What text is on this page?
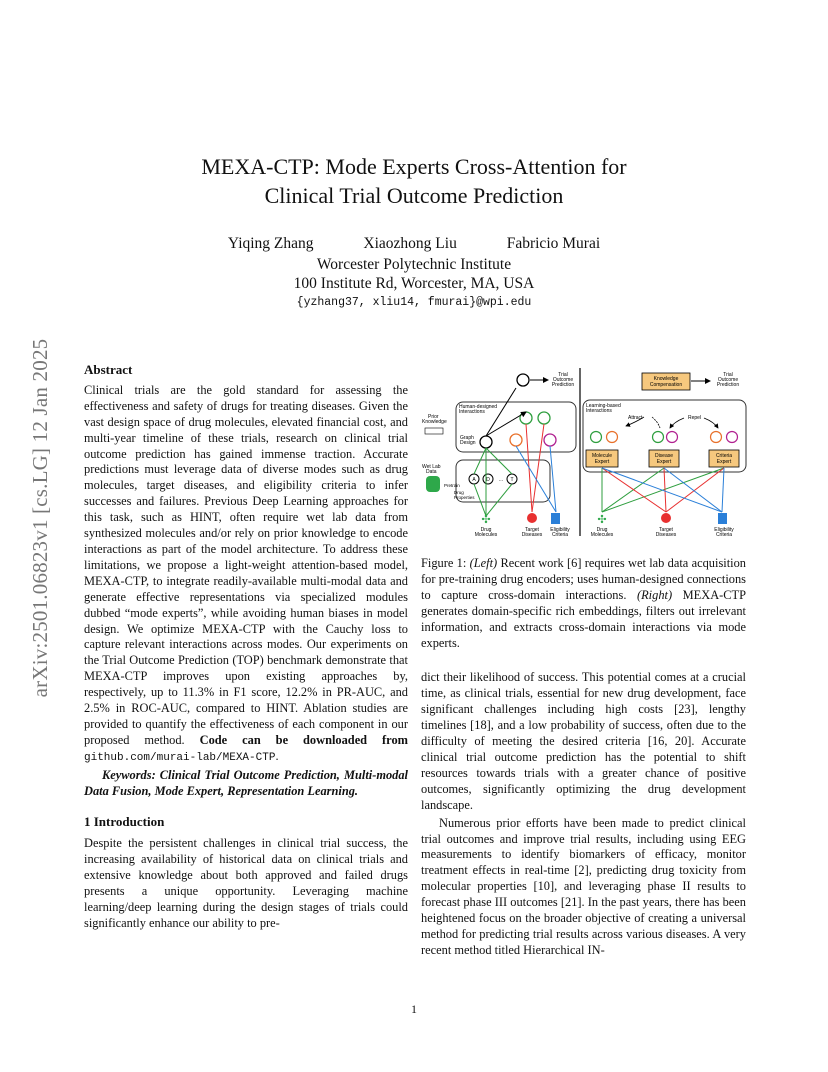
arXiv:2501.06823v1 [cs.LG] 12 Jan 2025
MEXA-CTP: Mode Experts Cross-Attention for
Clinical Trial Outcome Prediction
Yiqing Zhang	Xiaozhong Liu	Fabricio Murai
Worcester Polytechnic Institute
100 Institute Rd, Worcester, MA, USA
{yzhang37, xliu14, fmurai}@wpi.edu
Abstract

Clinical trials are the gold standard for assessing the effectiveness and safety of drugs for treating diseases. Given the vast design space of drug molecules, elevated financial cost, and multi-year timeline of these trials, research on clinical trial outcome prediction has gained immense traction. Accurate predictions must leverage data of diverse modes such as drug molecules, target diseases, and eligibility criteria to infer successes and failures. Previous Deep Learning approaches for this task, such as HINT, often require wet lab data from synthesized molecules and/or rely on prior knowledge to encode interactions as part of the model architecture. To address these limitations, we propose a light-weight attention-based model, MEXA-CTP, to integrate readily-available multi-modal data and generate effective representations via specialized modules dubbed “mode experts”, while avoiding human biases in model design. We optimize MEXA-CTP with the Cauchy loss to capture relevant interactions across modes. Our experiments on the Trial Outcome Prediction (TOP) benchmark demonstrate that MEXA-CTP improves upon existing approaches by, respectively, up to 11.3% in F1 score, 12.2% in PR-AUC, and 2.5% in ROC-AUC, compared to HINT. Ablation studies are provided to quantify the effectiveness of each component in our proposed method. Code can be downloaded from github.com/murai-lab/MEXA-CTP.

Keywords: Clinical Trial Outcome Prediction, Multi-modal Data Fusion, Mode Expert, Representation Learning.

1 Introduction

Despite the persistent challenges in clinical trial success, the increasing availability of historical data on clinical trials and extensive knowledge about both approved and failed drugs presents a unique opportunity. Leveraging machine learning/deep learning during the design stages of trials could significantly enhance our ability to pre-

Trial Outcome Prediction
Human-designed Interactions
Prior Knowledge
Graph Design
Wet Lab Data
Pretrain
A D ... T
Drug Properties
✣
Drug Molecules
Target Diseases
Eligibility Criteria
Knowledge Compensation
Trial Outcome Prediction
Learning-based Interactions
Attract	Repel
Molecule Expert
Disease Expert
Criteria Expert
✣
Drug Molecules
Target Diseases
Eligibility Criteria

Figure 1: (Left) Recent work [6] requires wet lab data acquisition for pre-training drug encoders; uses human-designed connections to capture cross-domain interactions. (Right) MEXA-CTP generates domain-specific rich embeddings, filters out irrelevant information, and extracts cross-domain interactions via mode experts.

dict their likelihood of success. This potential comes at a crucial time, as clinical trials, essential for new drug development, face significant challenges including high costs [23], lengthy timelines [18], and a low probability of success, often due to the difficulty of meeting the desired criteria [16, 20]. Accurate clinical trial outcome prediction has the potential to shift resources towards trials with a greater chance of positive outcomes, significantly optimizing the drug development landscape.

Numerous prior efforts have been made to predict clinical trial outcomes and improve trial results, including using EEG measurements to identify biomarkers of efficacy, monitor treatment effects in real-time [2], predicting drug toxicity from molecular properties [10], and leveraging phase II results to forecast phase III outcomes [21]. In the past years, there has been heightened focus on the broader objective of creating a universal method for predicting trial results across various diseases. A very recent method titled Hierarchical IN-

1
